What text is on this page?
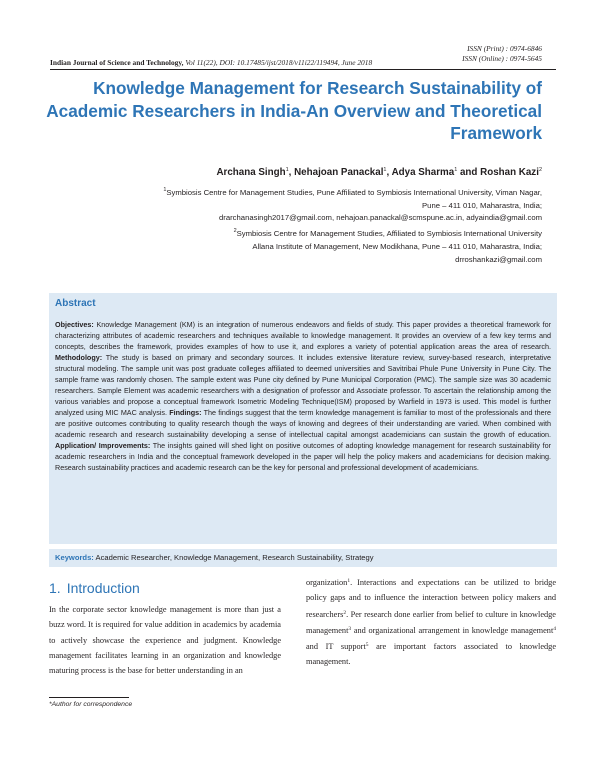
ISSN (Print) : 0974-6846
ISSN (Online) : 0974-5645
Indian Journal of Science and Technology, Vol 11(22), DOI: 10.17485/ijst/2018/v11i22/119494, June 2018
Knowledge Management for Research Sustainability of Academic Researchers in India-An Overview and Theoretical Framework
Archana Singh$^1$, Nehajoan Panackal$^1$, Adya Sharma$^1$ and Roshan Kazi$^2$
$^1$Symbiosis Centre for Management Studies, Pune Affiliated to Symbiosis International University, Viman Nagar,
Pune – 411 010, Maharastra, India;
drarchanasingh2017@gmail.com, nehajoan.panackal@scmspune.ac.in, adyaindia@gmail.com
$^2$Symbiosis Centre for Management Studies, Affiliated to Symbiosis International University
Allana Institute of Management, New Modikhana, Pune – 411 010, Maharastra, India;
drroshankazi@gmail.com
Abstract
Objectives: Knowledge Management (KM) is an integration of numerous endeavors and fields of study. This paper provides a theoretical framework for characterizing attributes of academic researchers and techniques available to knowledge management. It provides an overview of a few key terms and concepts, describes the framework, provides examples of how to use it, and explores a variety of potential application areas the area of research. Methodology: The study is based on primary and secondary sources. It includes extensive literature review, survey-based research, interpretative structural modeling. The sample unit was post graduate colleges affiliated to deemed universities and Savitribai Phule Pune University in Pune City. The sample frame was randomly chosen. The sample extent was Pune city defined by Pune Municipal Corporation (PMC). The sample size was 30 academic researchers. Sample Element was academic researchers with a designation of professor and Associate professor. To ascertain the relationship among the various variables and propose a conceptual framework Isometric Modeling Technique(ISM) proposed by Warfield in 1973 is used. This model is further analyzed using MIC MAC analysis. Findings: The findings suggest that the term knowledge management is familiar to most of the professionals and there are positive outcomes contributing to quality research though the ways of knowing and degrees of their understanding are varied. When combined with academic research and research sustainability developing a sense of intellectual capital amongst academicians can sustain the growth of education. Application/ Improvements: The insights gained will shed light on positive outcomes of adopting knowledge management for research sustainability for academic researchers in India and the conceptual framework developed in the paper will help the policy makers and academicians for decision making. Research sustainability practices and academic research can be the key for personal and professional development of academicians.
Keywords: Academic Researcher, Knowledge Management, Research Sustainability, Strategy
1. Introduction
In the corporate sector knowledge management is more than just a buzz word. It is required for value addition in academics by academia to actively showcase the experience and judgment. Knowledge management facilitates learning in an organization and knowledge maturing process is the base for better understanding in an
organization$^1$. Interactions and expectations can be utilized to bridge policy gaps and to influence the interaction between policy makers and researchers$^2$. Per research done earlier from belief to culture in knowledge management$^3$ and organizational arrangement in knowledge management$^4$ and IT support$^5$ are important factors associated to knowledge management.
*Author for correspondence
